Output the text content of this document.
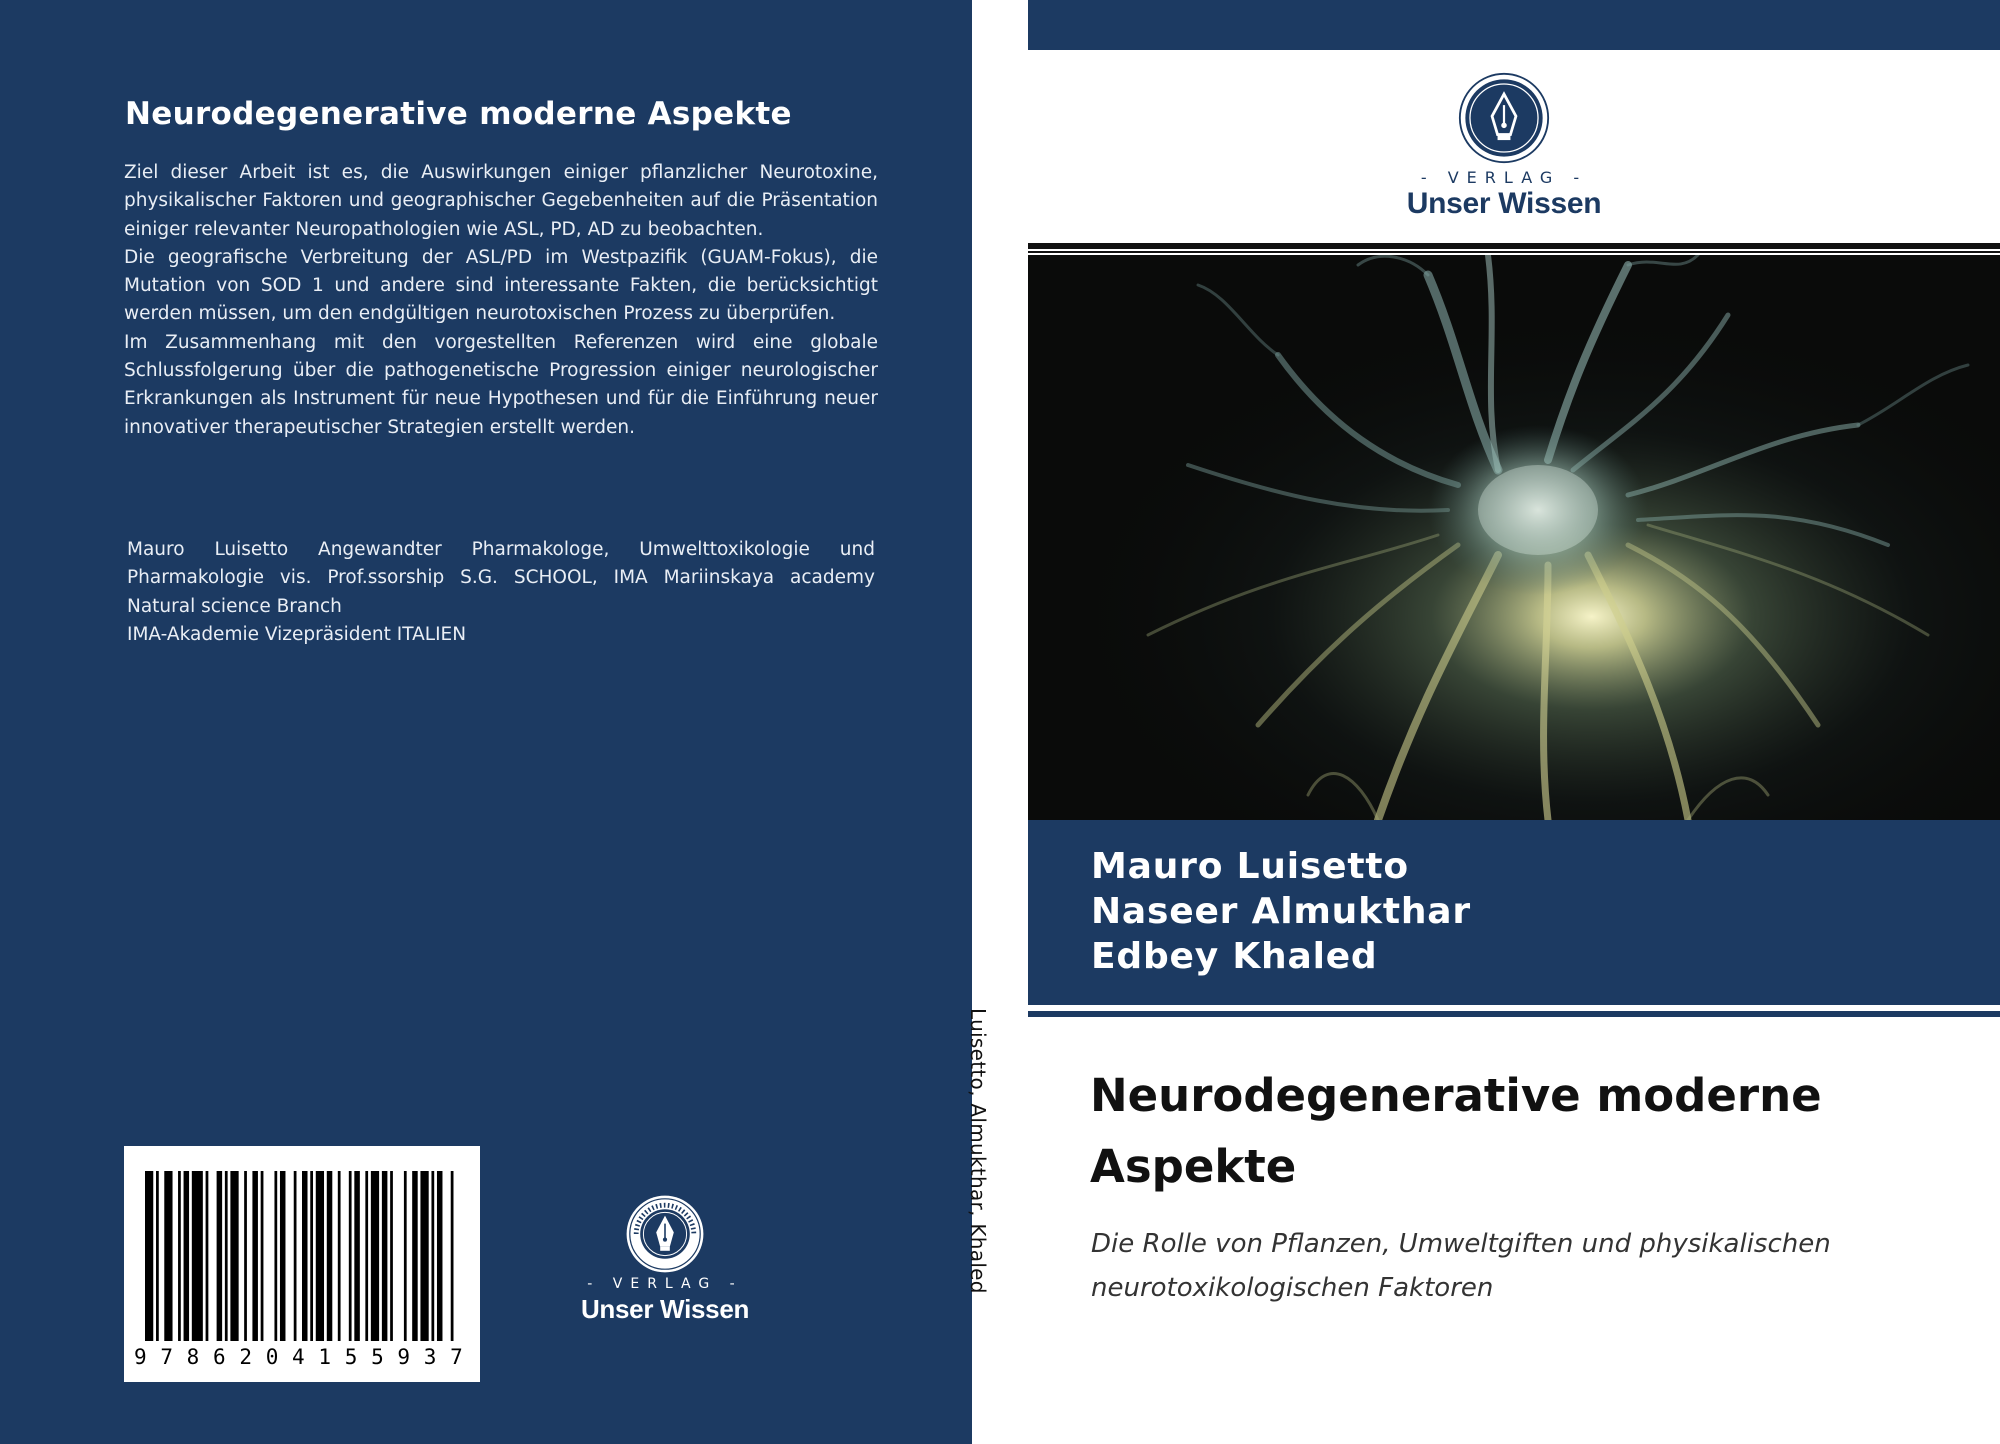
Neurodegenerative moderne Aspekte

Ziel dieser Arbeit ist es, die Auswirkungen einiger pflanzlicher Neurotoxine, physikalischer Faktoren und geographischer Gegebenheiten auf die Präsentation einiger relevanter Neuropathologien wie ASL, PD, AD zu beobachten.

Die geografische Verbreitung der ASL/PD im Westpazifik (GUAM-Fokus), die Mutation von SOD 1 und andere sind interessante Fakten, die berücksichtigt werden müssen, um den endgültigen neurotoxischen Prozess zu überprüfen.

Im Zusammenhang mit den vorgestellten Referenzen wird eine globale Schlussfolgerung über die pathogenetische Progression einiger neurologischer Erkrankungen als Instrument für neue Hypothesen und für die Einführung neuer innovativer therapeutischer Strategien erstellt werden.

Mauro Luisetto Angewandter Pharmakologe, Umwelttoxikologie und Pharmakologie vis. Prof.ssorship S.G. SCHOOL, IMA Mariinskaya academy Natural science Branch

IMA-Akademie Vizepräsident ITALIEN

9786204155937
- VERLAG -
Unser Wissen
Luisetto, Almukthar, Khaled
- VERLAG -
Unser Wissen
Mauro Luisetto
Naseer Almukthar
Edbey Khaled
Neurodegenerative moderne
Aspekte
Die Rolle von Pflanzen, Umweltgiften und physikalischen
neurotoxikologischen Faktoren
